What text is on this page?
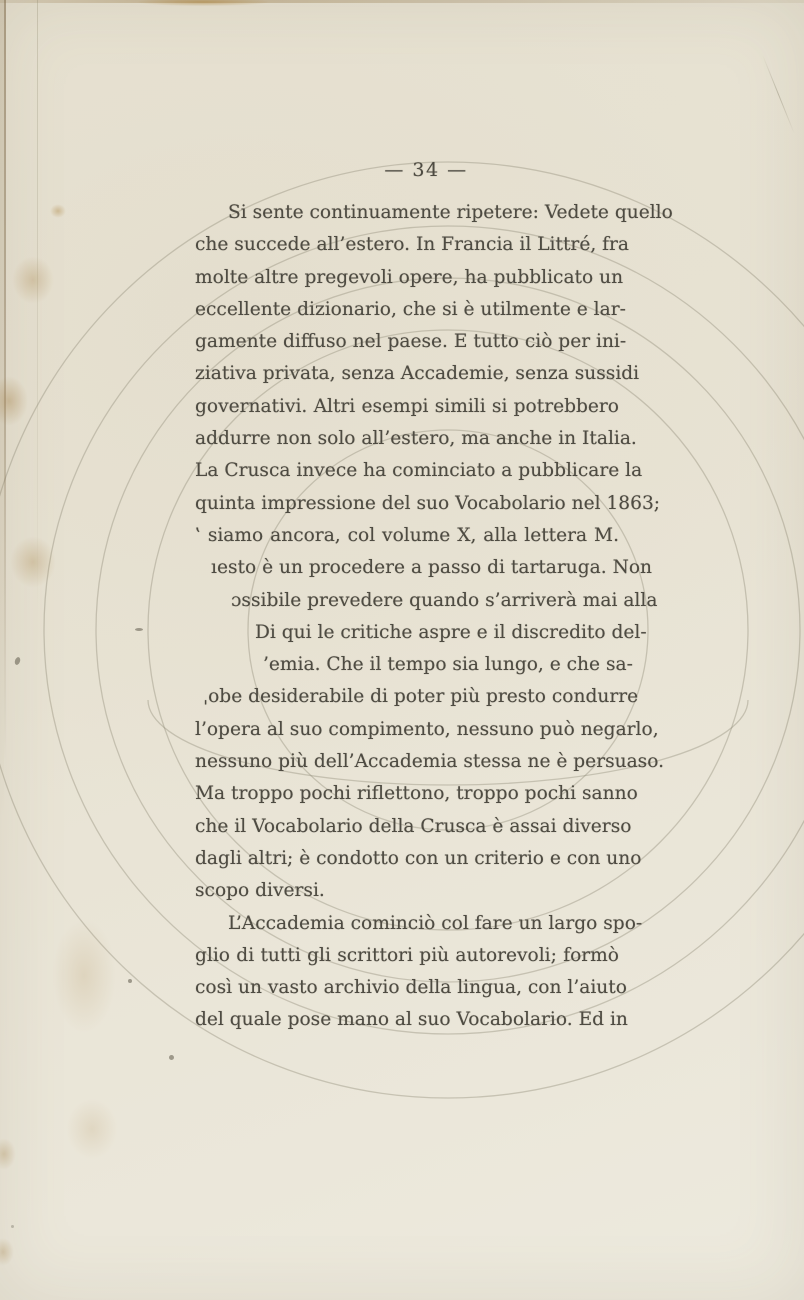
— 34 —
Si sente continuamente ripetere: Vedete quello
che succede all’estero. In Francia il Littré, fra
molte altre pregevoli opere, ha pubblicato un
eccellente dizionario, che si è utilmente e lar-
gamente diffuso nel paese. E tutto ciò per ini-
ziativa privata, senza Accademie, senza sussidi
governativi. Altri esempi simili si potrebbero
addurre non solo all’estero, ma anche in Italia.
La Crusca invece ha cominciato a pubblicare la
quinta impressione del suo Vocabolario nel 1863;
‛ siamo ancora, col volume X, alla lettera M.
ıesto è un procedere a passo di tartaruga. Non
ɔssibile prevedere quando s’arriverà mai alla
Di qui le critiche aspre e il discredito del-
’emia. Che il tempo sia lungo, e che sa-
ˌobe desiderabile di poter più presto condurre
l’opera al suo compimento, nessuno può negarlo,
nessuno più dell’Accademia stessa ne è persuaso.
Ma troppo pochi riflettono, troppo pochi sanno
che il Vocabolario della Crusca è assai diverso
dagli altri; è condotto con un criterio e con uno
scopo diversi.
L’Accademia cominciò col fare un largo spo-
glio di tutti gli scrittori più autorevoli; formò
così un vasto archivio della lingua, con l’aiuto
del quale pose mano al suo Vocabolario. Ed in
